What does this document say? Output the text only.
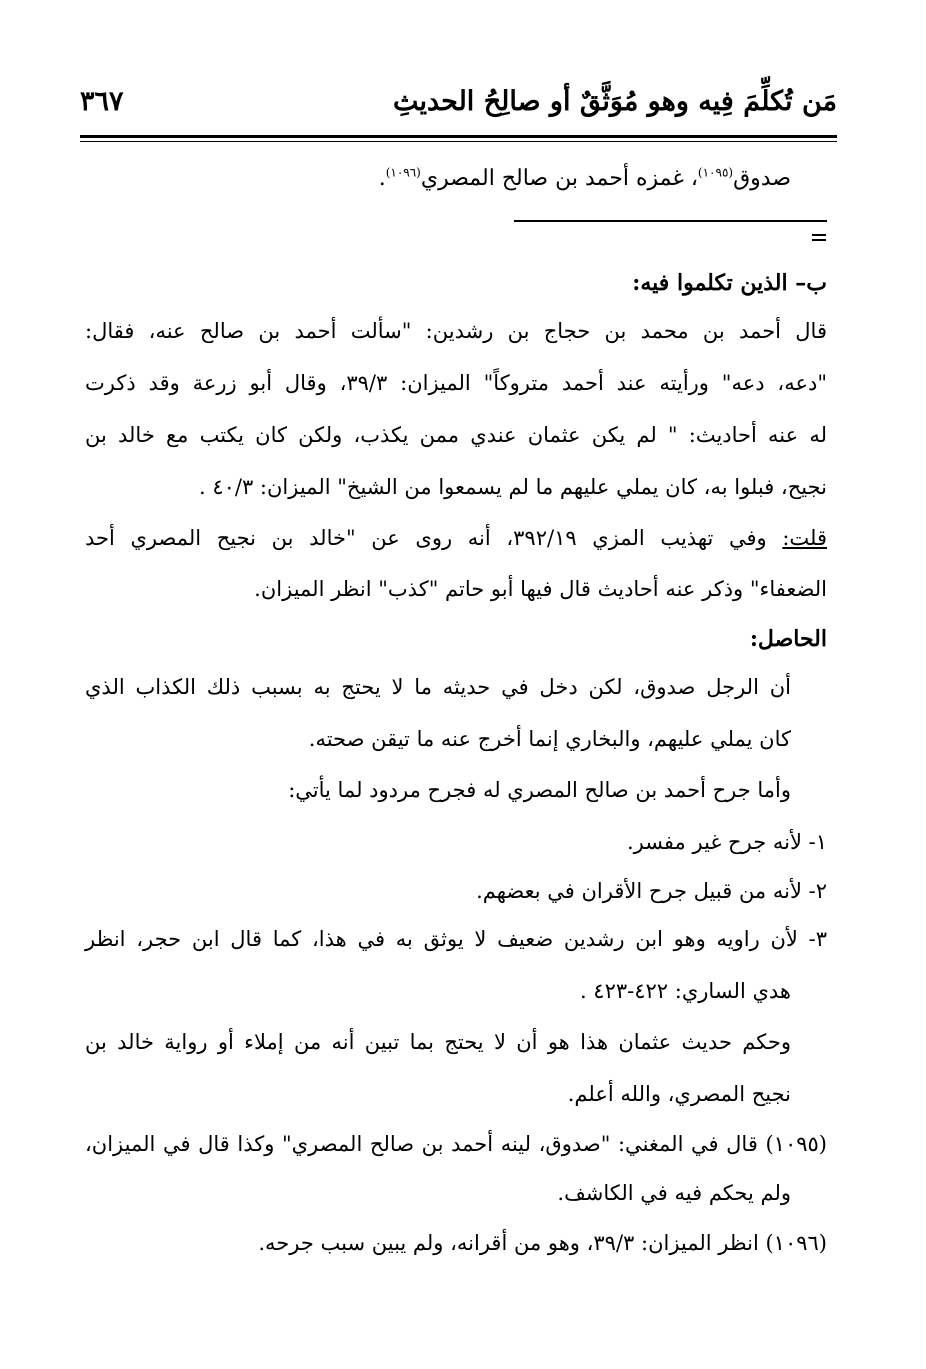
مَن تُكلِّمَ فِيه وهو مُوَثَّقٌ أو صالِحُ الحديثِ
٣٦٧
صدوق$^{(١٠٩٥)}$، غمزه أحمد بن صالح المصري$^{(١٠٩٦)}$.
ب– الذين تكلموا فيه:
قال أحمد بن محمد بن حجاج بن رشدين: "سألت أحمد بن صالح عنه، فقال:
"دعه، دعه" ورأيته عند أحمد متروكاً" الميزان: ٣٩/٣، وقال أبو زرعة وقد ذكرت
له عنه أحاديث: " لم يكن عثمان عندي ممن يكذب، ولكن كان يكتب مع خالد بن
نجيح، فبلوا به، كان يملي عليهم ما لم يسمعوا من الشيخ" الميزان: ٤٠/٣ .
قلت: وفي تهذيب المزي ٣٩٢/١٩، أنه روى عن "خالد بن نجيح المصري أحد
الضعفاء" وذكر عنه أحاديث قال فيها أبو حاتم "كذب" انظر الميزان.
الحاصل:
أن الرجل صدوق، لكن دخل في حديثه ما لا يحتج به بسبب ذلك الكذاب الذي
كان يملي عليهم، والبخاري إنما أخرج عنه ما تيقن صحته.
وأما جرح أحمد بن صالح المصري له فجرح مردود لما يأتي:
١- لأنه جرح غير مفسر.
٢- لأنه من قبيل جرح الأقران في بعضهم.
٣- لأن راويه وهو ابن رشدين ضعيف لا يوثق به في هذا، كما قال ابن حجر، انظر
هدي الساري: ٤٢٢-٤٢٣ .
وحكم حديث عثمان هذا هو أن لا يحتج بما تبين أنه من إملاء أو رواية خالد بن
نجيح المصري، والله أعلم.
(١٠٩٥) قال في المغني: "صدوق، لينه أحمد بن صالح المصري" وكذا قال في الميزان،
ولم يحكم فيه في الكاشف.
(١٠٩٦) انظر الميزان: ٣٩/٣، وهو من أقرانه، ولم يبين سبب جرحه.
